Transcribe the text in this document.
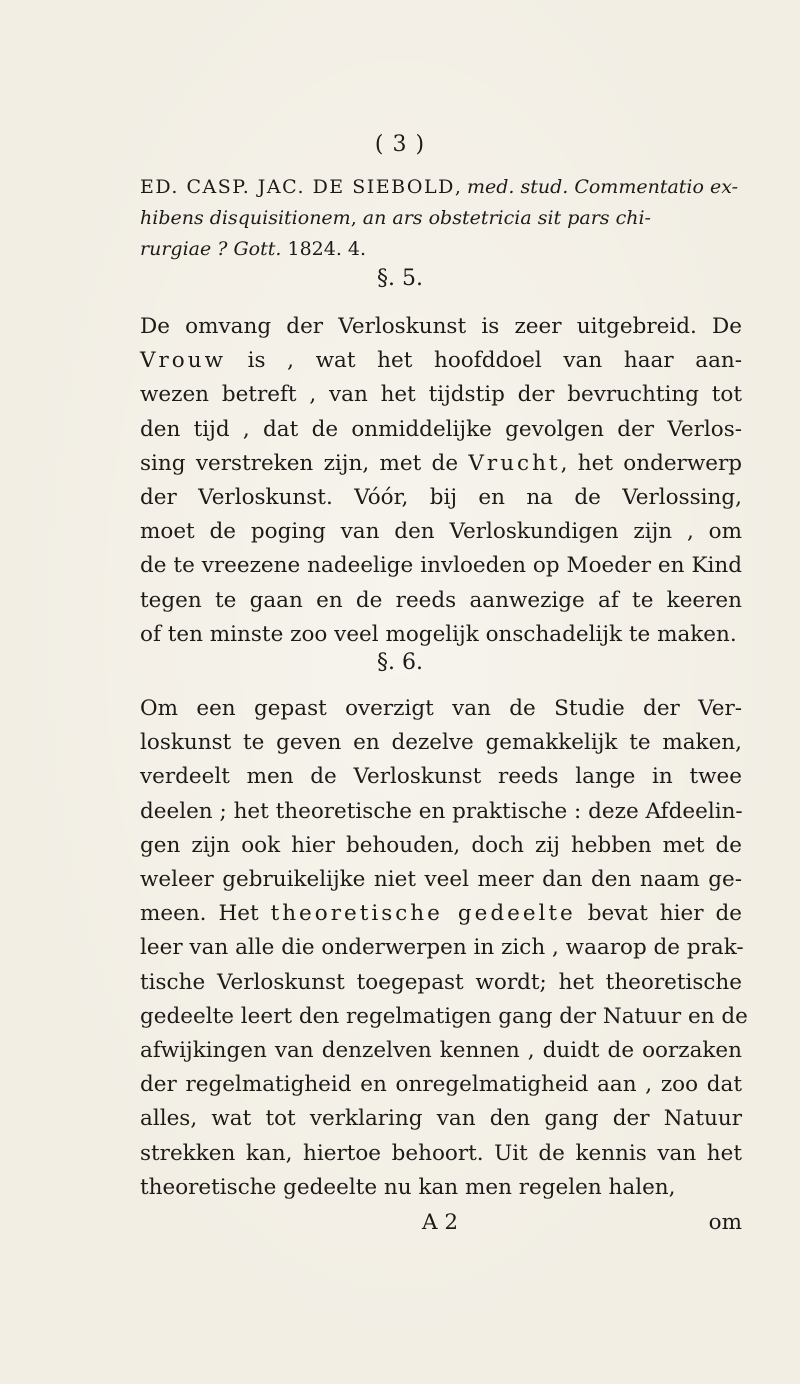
( 3 )
ED. CASP. JAC. DE SIEBOLD, med. stud. Commentatio ex-
hibens disquisitionem, an ars obstetricia sit pars chi-
rurgiae ? Gott. 1824. 4.
§. 5.
De omvang der Verloskunst is zeer uitgebreid. De
Vrouw is , wat het hoofddoel van haar aan-
wezen betreft , van het tijdstip der bevruchting tot
den tijd , dat de onmiddelijke gevolgen der Verlos-
sing verstreken zijn, met de Vrucht, het onderwerp
der Verloskunst. Vóór, bij en na de Verlossing,
moet de poging van den Verloskundigen zijn , om
de te vreezene nadeelige invloeden op Moeder en Kind
tegen te gaan en de reeds aanwezige af te keeren
of ten minste zoo veel mogelijk onschadelijk te maken.
§. 6.
Om een gepast overzigt van de Studie der Ver-
loskunst te geven en dezelve gemakkelijk te maken,
verdeelt men de Verloskunst reeds lange in twee
deelen ; het theoretische en praktische : deze Afdeelin-
gen zijn ook hier behouden, doch zij hebben met de
weleer gebruikelijke niet veel meer dan den naam ge-
meen. Het theoretische gedeelte bevat hier de
leer van alle die onderwerpen in zich , waarop de prak-
tische Verloskunst toegepast wordt; het theoretische
gedeelte leert den regelmatigen gang der Natuur en de
afwijkingen van denzelven kennen , duidt de oorzaken
der regelmatigheid en onregelmatigheid aan , zoo dat
alles, wat tot verklaring van den gang der Natuur
strekken kan, hiertoe behoort. Uit de kennis van het
theoretische gedeelte nu kan men regelen halen,
A 2	om
